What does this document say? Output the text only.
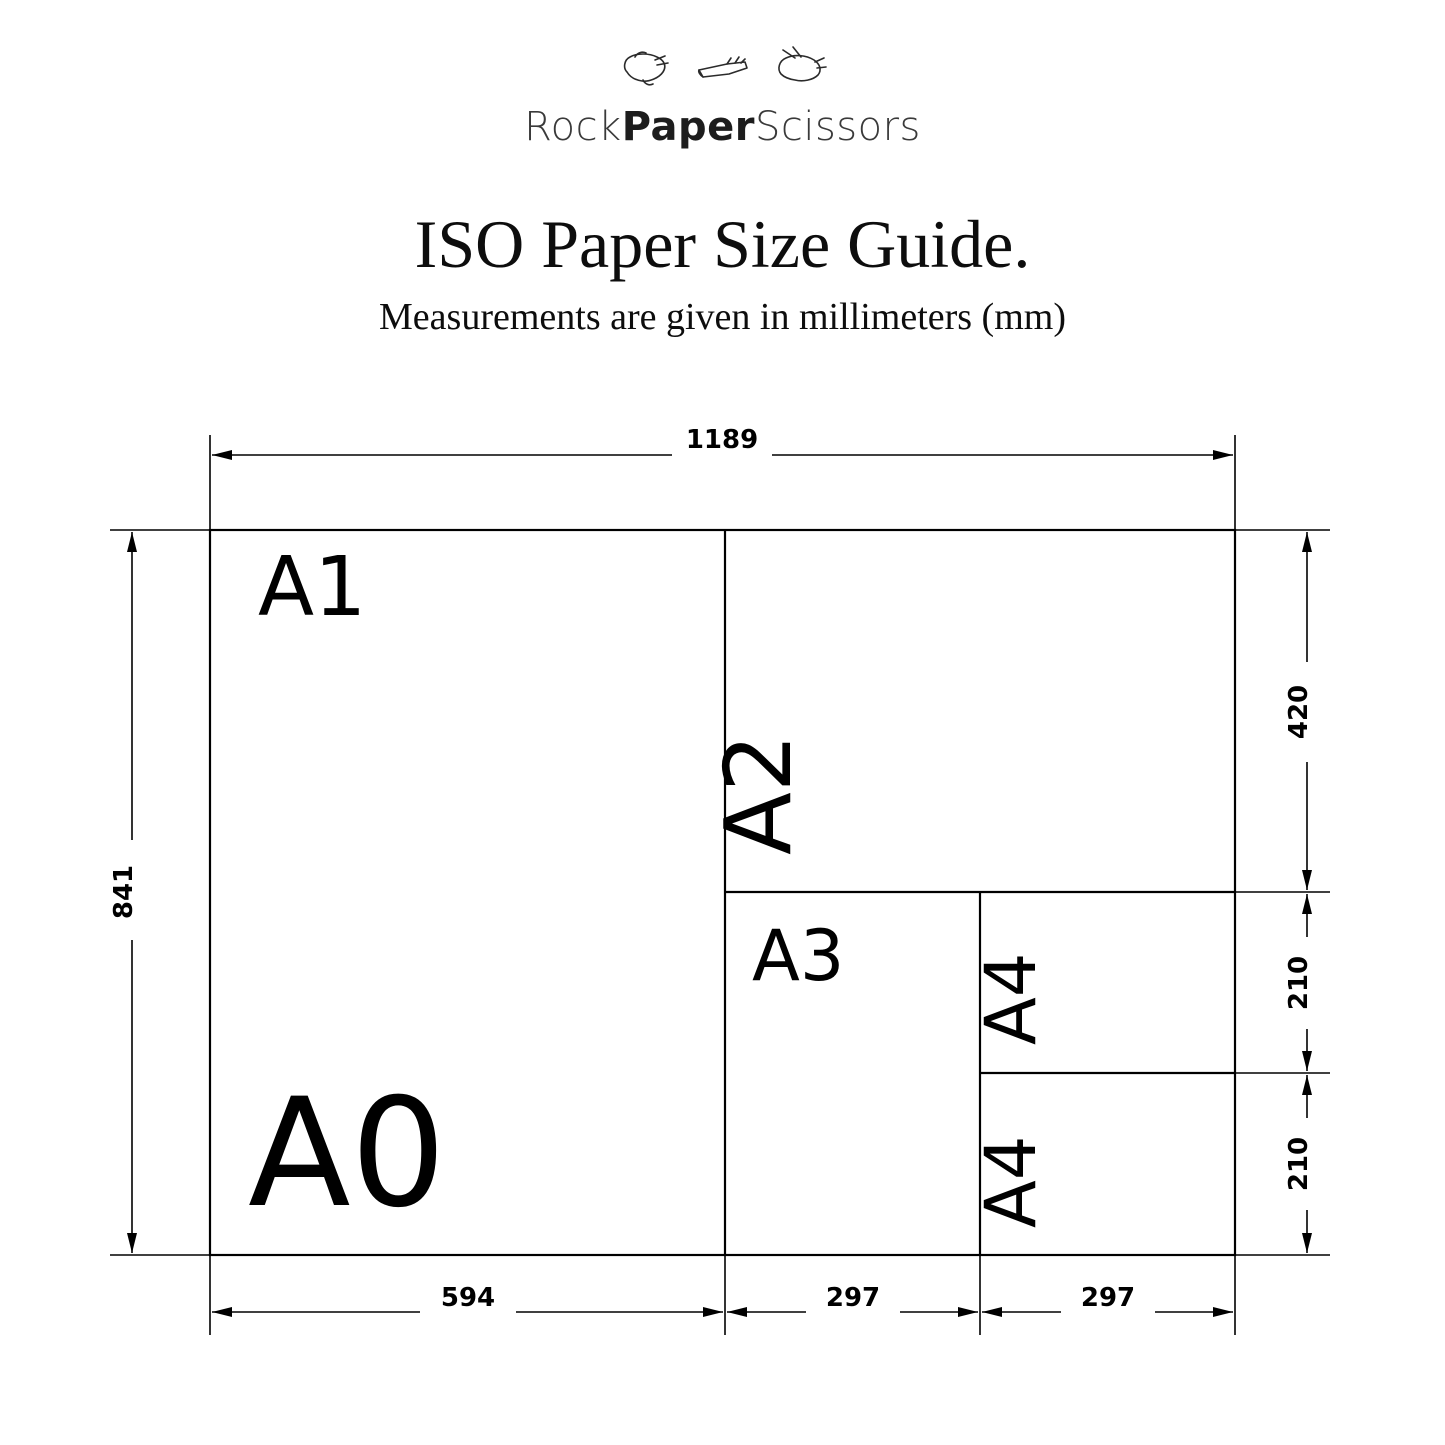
RockPaperScissors
ISO Paper Size Guide.
Measurements are given in millimeters (mm)
A1
A0
A2
A3 A4
A4
1189
841
420
210
210
594	297	297
